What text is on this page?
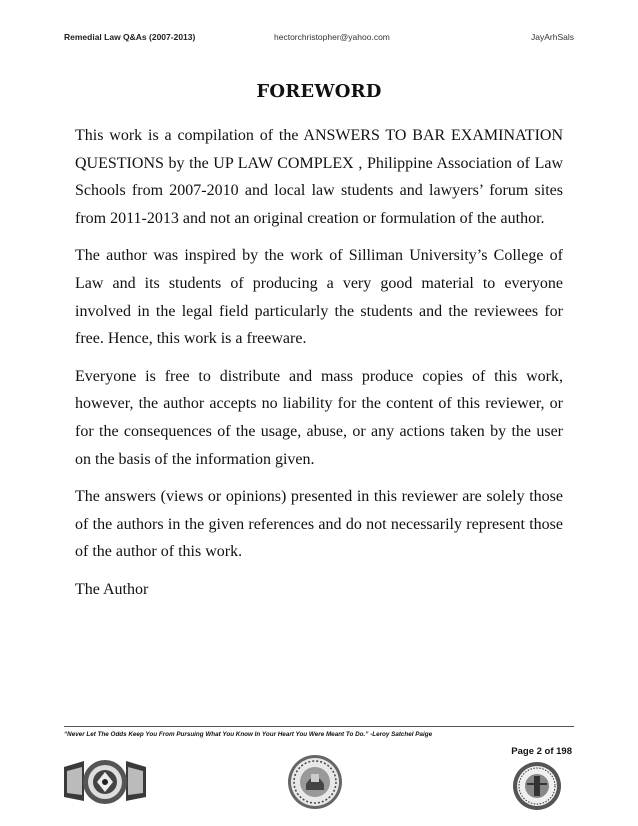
Remedial Law Q&As (2007-2013)	hectorchristopher@yahoo.com	JayArhSals
FOREWORD

This work is a compilation of the ANSWERS TO BAR EXAMINATION QUESTIONS by the UP LAW COMPLEX , Philippine Association of Law Schools from 2007-2010 and local law students and lawyers’ forum sites from 2011-2013 and not an original creation or formulation of the author.

The author was inspired by the work of Silliman University’s College of Law and its students of producing a very good material to everyone involved in the legal field particularly the students and the reviewees for free. Hence, this work is a freeware.

Everyone is free to distribute and mass produce copies of this work, however, the author accepts no liability for the content of this reviewer, or for the consequences of the usage, abuse, or any actions taken by the user on the basis of the information given.

The answers (views or opinions) presented in this reviewer are solely those of the authors in the given references and do not necessarily represent those of the author of this work.

The Author

“Never Let The Odds Keep You From Pursuing What You Know In Your Heart You Were Meant To Do.” -Leroy Satchel Paige
Page 2 of 198
